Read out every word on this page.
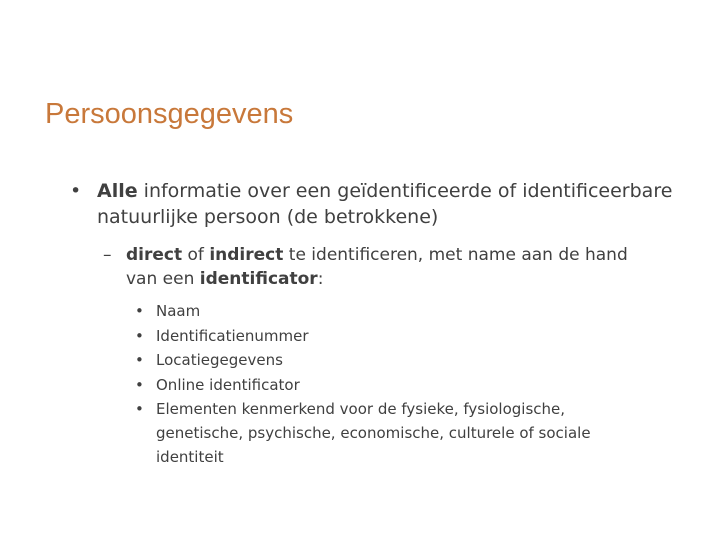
Persoonsgegevens
• Alle informatie over een geïdentificeerde of identificeerbare natuurlijke persoon (de betrokkene)
– direct of indirect te identificeren, met name aan de hand van een identificator:
• Naam
• Identificatienummer
• Locatiegegevens
• Online identificator
• Elementen kenmerkend voor de fysieke, fysiologische, genetische, psychische, economische, culturele of sociale identiteit
